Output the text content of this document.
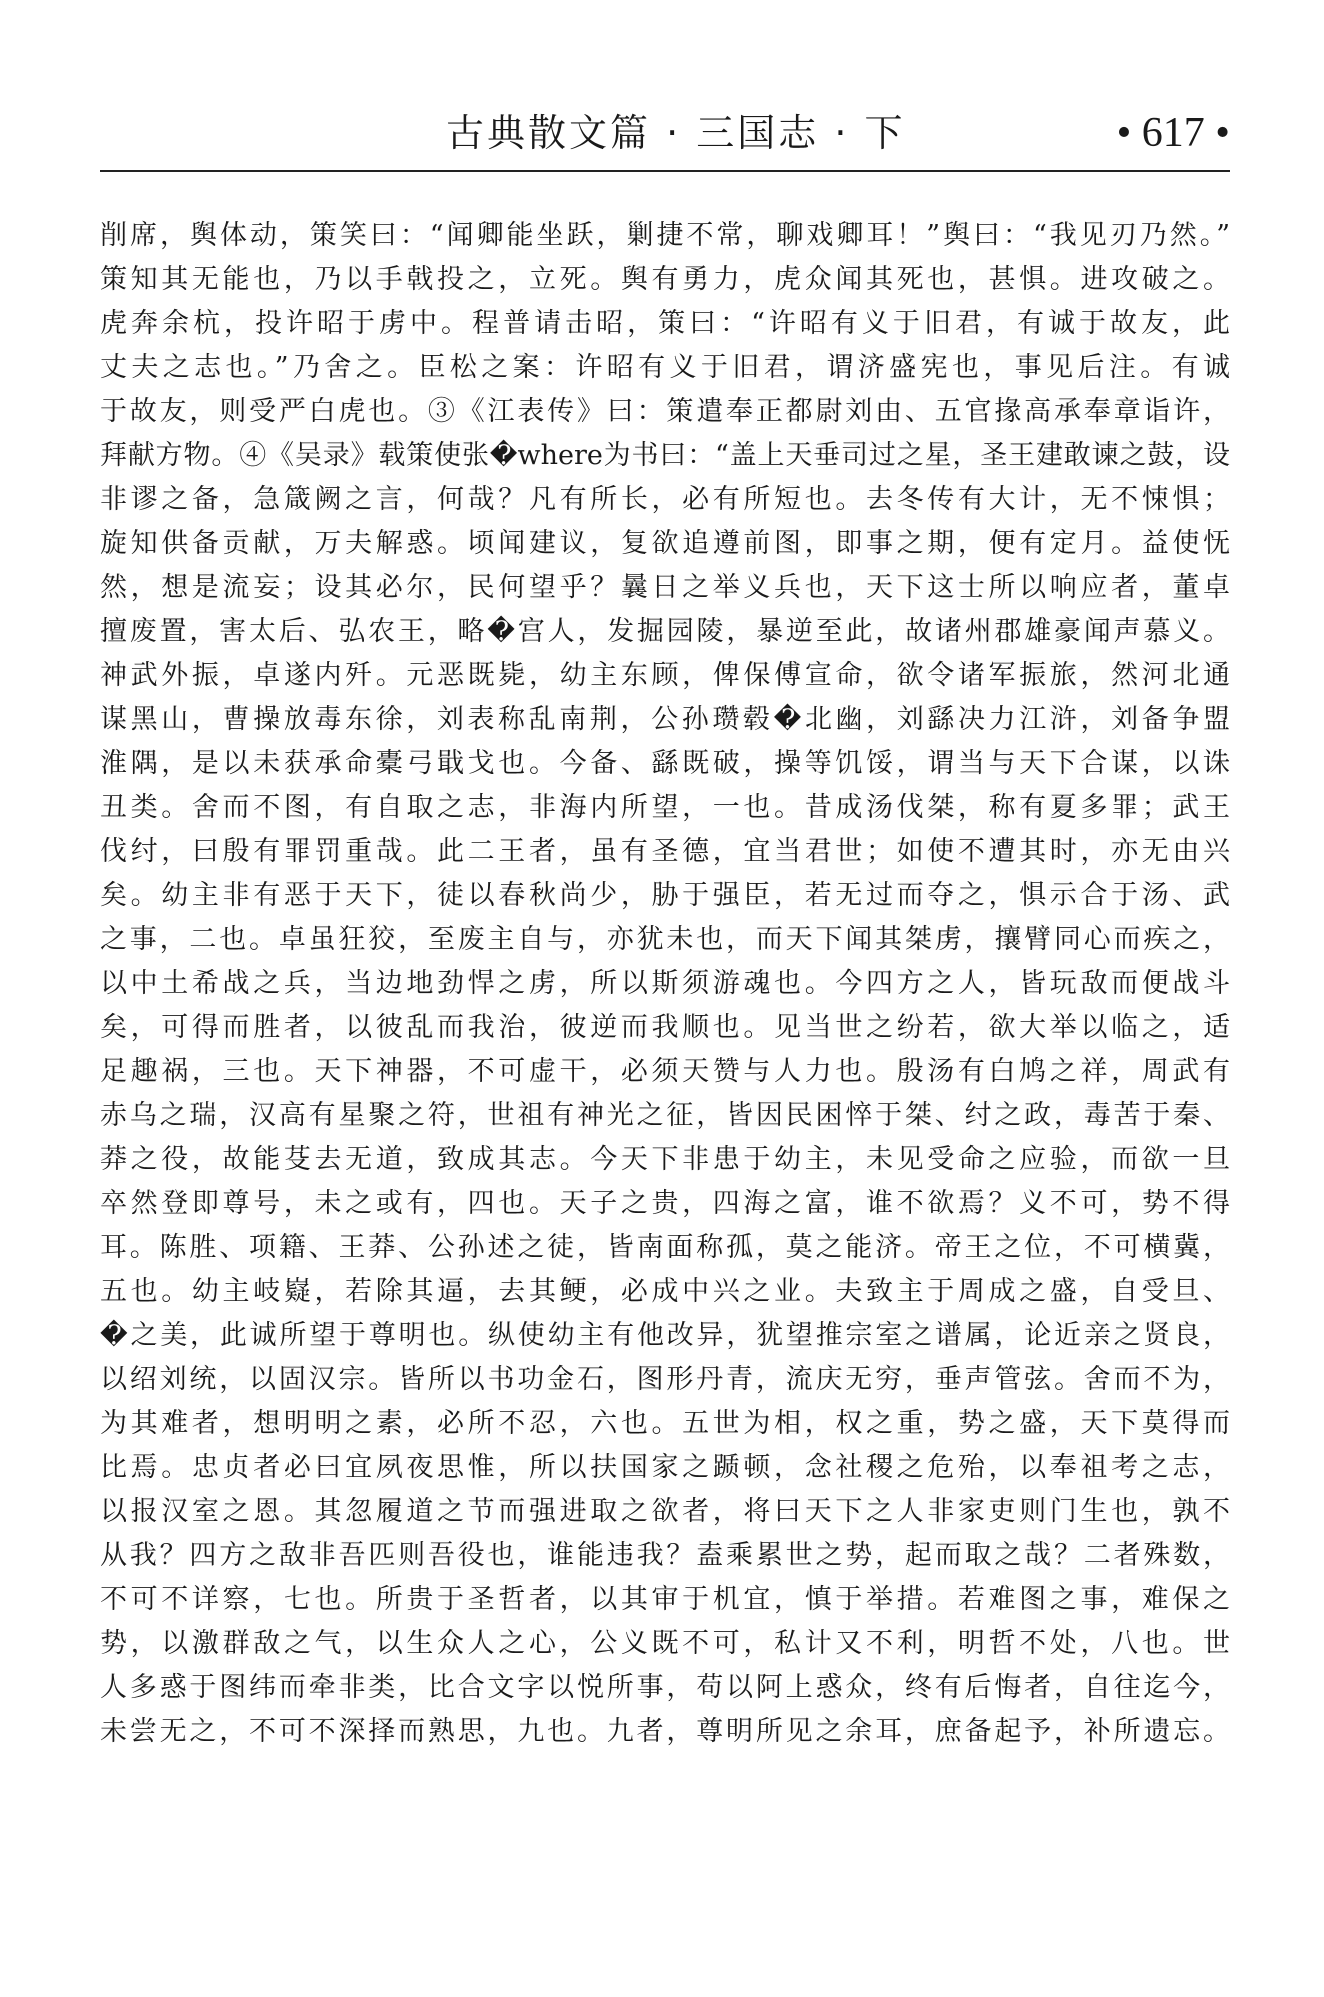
古典散文篇 · 三国志 · 下	• 617 •
削席，舆体动，策笑曰：“闻卿能坐跃，剿捷不常，聊戏卿耳！”舆曰：“我见刃乃然。”
策知其无能也，乃以手戟投之，立死。舆有勇力，虎众闻其死也，甚惧。进攻破之。
虎奔余杭，投许昭于虏中。程普请击昭，策曰：“许昭有义于旧君，有诚于故友，此
丈夫之志也。”乃舍之。臣松之案：许昭有义于旧君，谓济盛宪也，事见后注。有诚
于故友，则受严白虎也。③《江表传》曰：策遣奉正都尉刘由、五官掾高承奉章诣许，
拜献方物。④《吴录》载策使张�where为书曰：“盖上天垂司过之星，圣王建敢谏之鼓，设
非谬之备，急箴阙之言，何哉？凡有所长，必有所短也。去冬传有大计，无不悚惧；
旋知供备贡献，万夫解惑。顷闻建议，复欲追遵前图，即事之期，便有定月。益使怃
然，想是流妄；设其必尔，民何望乎？曩日之举义兵也，天下这士所以响应者，董卓
擅废置，害太后、弘农王，略�宫人，发掘园陵，暴逆至此，故诸州郡雄豪闻声慕义。
神武外振，卓遂内歼。元恶既毙，幼主东顾，俾保傅宣命，欲令诸军振旅，然河北通
谋黑山，曹操放毒东徐，刘表称乱南荆，公孙瓒毂�北幽，刘繇决力江浒，刘备争盟
淮隅，是以未获承命橐弓戢戈也。今备、繇既破，操等饥馁，谓当与天下合谋，以诛
丑类。舍而不图，有自取之志，非海内所望，一也。昔成汤伐桀，称有夏多罪；武王
伐纣，曰殷有罪罚重哉。此二王者，虽有圣德，宜当君世；如使不遭其时，亦无由兴
矣。幼主非有恶于天下，徒以春秋尚少，胁于强臣，若无过而夺之，惧示合于汤、武
之事，二也。卓虽狂狡，至废主自与，亦犹未也，而天下闻其桀虏，攘臂同心而疾之，
以中土希战之兵，当边地劲悍之虏，所以斯须游魂也。今四方之人，皆玩敌而便战斗
矣，可得而胜者，以彼乱而我治，彼逆而我顺也。见当世之纷若，欲大举以临之，适
足趣祸，三也。天下神器，不可虚干，必须天赞与人力也。殷汤有白鸠之祥，周武有
赤乌之瑞，汉高有星聚之符，世祖有神光之征，皆因民困悴于桀、纣之政，毒苦于秦、
莽之役，故能芟去无道，致成其志。今天下非患于幼主，未见受命之应验，而欲一旦
卒然登即尊号，未之或有，四也。天子之贵，四海之富，谁不欲焉？义不可，势不得
耳。陈胜、项籍、王莽、公孙述之徒，皆南面称孤，莫之能济。帝王之位，不可横冀，
五也。幼主岐嶷，若除其逼，去其鲠，必成中兴之业。夫致主于周成之盛，自受旦、
�之美，此诚所望于尊明也。纵使幼主有他改异，犹望推宗室之谱属，论近亲之贤良，
以绍刘统，以固汉宗。皆所以书功金石，图形丹青，流庆无穷，垂声管弦。舍而不为，
为其难者，想明明之素，必所不忍，六也。五世为相，权之重，势之盛，天下莫得而
比焉。忠贞者必曰宜夙夜思惟，所以扶国家之踬顿，念社稷之危殆，以奉祖考之志，
以报汉室之恩。其忽履道之节而强进取之欲者，将曰天下之人非家吏则门生也，孰不
从我？四方之敌非吾匹则吾役也，谁能违我？盍乘累世之势，起而取之哉？二者殊数，
不可不详察，七也。所贵于圣哲者，以其审于机宜，慎于举措。若难图之事，难保之
势，以激群敌之气，以生众人之心，公义既不可，私计又不利，明哲不处，八也。世
人多惑于图纬而牵非类，比合文字以悦所事，苟以阿上惑众，终有后悔者，自往迄今，
未尝无之，不可不深择而熟思，九也。九者，尊明所见之余耳，庶备起予，补所遗忘。
